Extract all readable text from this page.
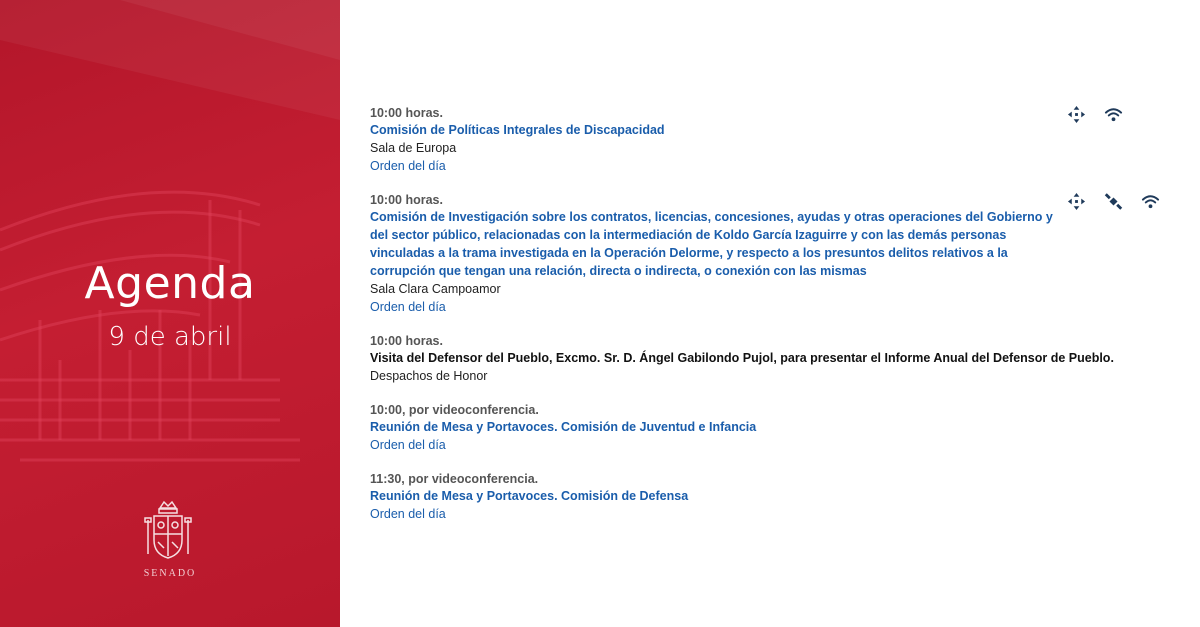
Agenda
9 de abril
SENADO
10:00 horas.
Comisión de Políticas Integrales de Discapacidad
Sala de Europa
Orden del día
10:00 horas.
Comisión de Investigación sobre los contratos, licencias, concesiones, ayudas y otras operaciones del Gobierno y del sector público, relacionadas con la intermediación de Koldo García Izaguirre y con las demás personas vinculadas a la trama investigada en la Operación Delorme, y respecto a los presuntos delitos relativos a la corrupción que tengan una relación, directa o indirecta, o conexión con las mismas
Sala Clara Campoamor
Orden del día
10:00 horas.
Visita del Defensor del Pueblo, Excmo. Sr. D. Ángel Gabilondo Pujol, para presentar el Informe Anual del Defensor de Pueblo.
Despachos de Honor
10:00, por videoconferencia.
Reunión de Mesa y Portavoces. Comisión de Juventud e Infancia
Orden del día
11:30, por videoconferencia.
Reunión de Mesa y Portavoces. Comisión de Defensa
Orden del día
